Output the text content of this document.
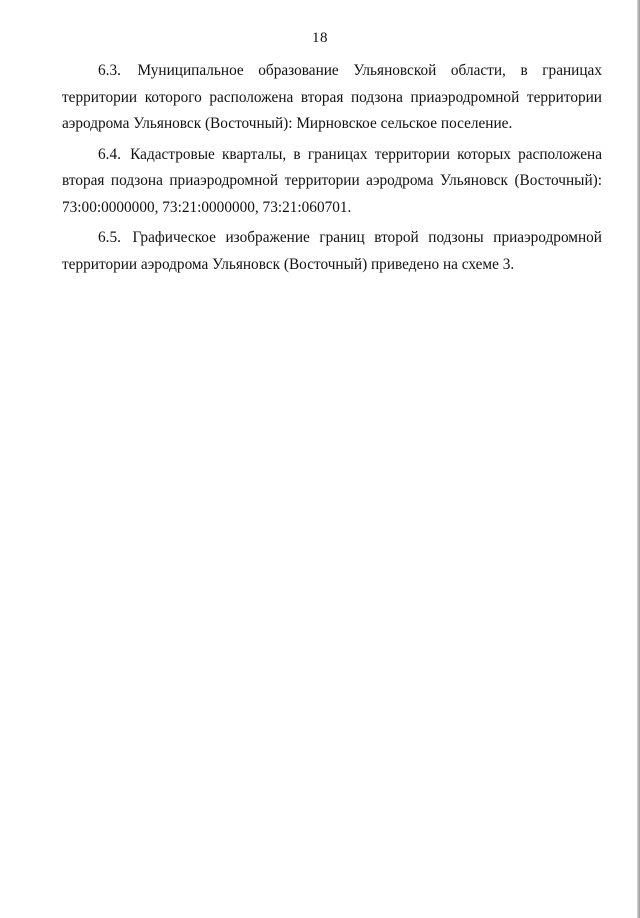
18

6.3. Муниципальное образование Ульяновской области, в границах территории которого расположена вторая подзона приаэродромной территории аэродрома Ульяновск (Восточный): Мирновское сельское поселение.

6.4. Кадастровые кварталы, в границах территории которых расположена вторая подзона приаэродромной территории аэродрома Ульяновск (Восточный): 73:00:0000000, 73:21:0000000, 73:21:060701.

6.5. Графическое изображение границ второй подзоны приаэродромной территории аэродрома Ульяновск (Восточный) приведено на схеме 3.
